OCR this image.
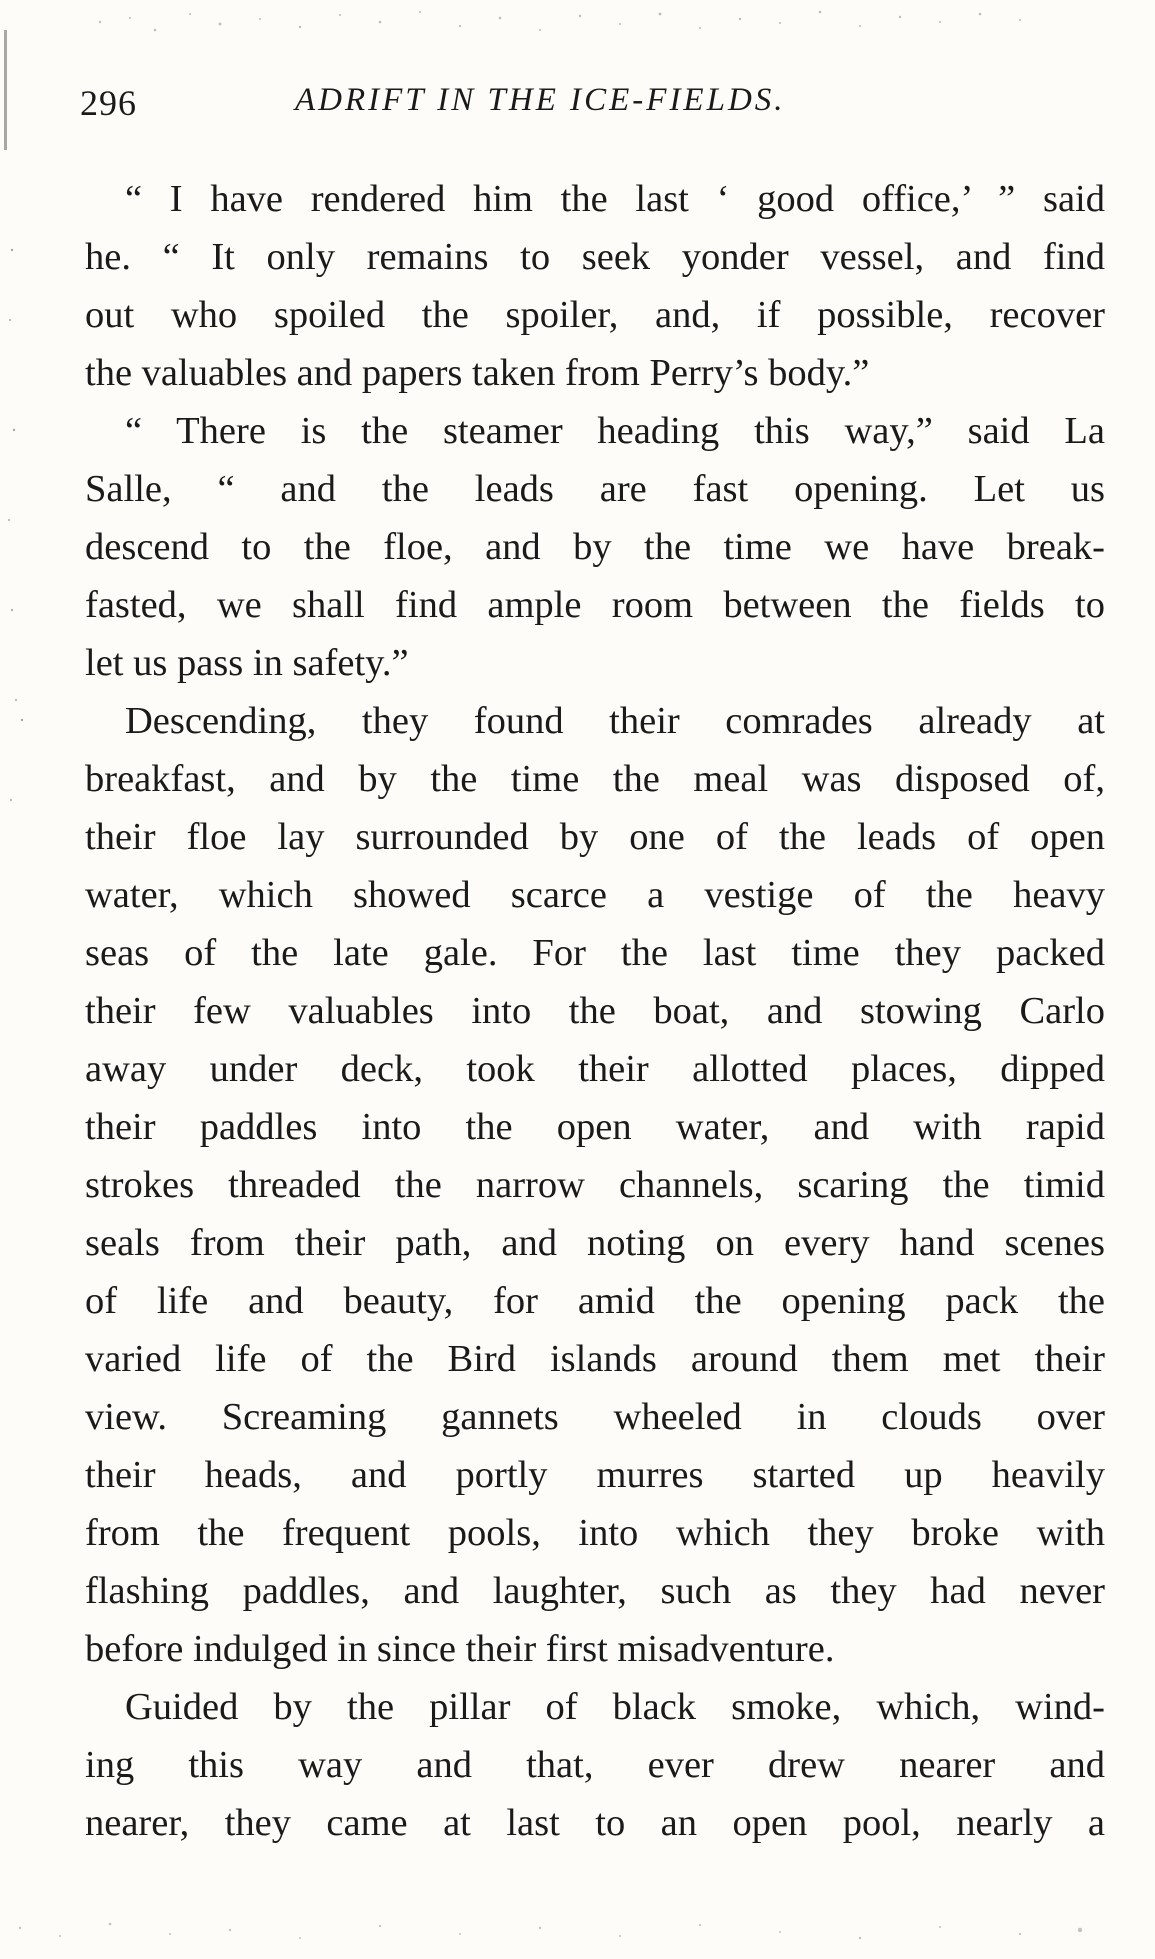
296	ADRIFT IN THE ICE-FIELDS.
“ I have rendered him the last ‘ good office,’ ” said
he. “ It only remains to seek yonder vessel, and find
out who spoiled the spoiler, and, if possible, recover
the valuables and papers taken from Perry’s body.”
“ There is the steamer heading this way,” said La
Salle, “ and the leads are fast opening. Let us
descend to the floe, and by the time we have break-
fasted, we shall find ample room between the fields to
let us pass in safety.”
Descending, they found their comrades already at
breakfast, and by the time the meal was disposed of,
their floe lay surrounded by one of the leads of open
water, which showed scarce a vestige of the heavy
seas of the late gale. For the last time they packed
their few valuables into the boat, and stowing Carlo
away under deck, took their allotted places, dipped
their paddles into the open water, and with rapid
strokes threaded the narrow channels, scaring the timid
seals from their path, and noting on every hand scenes
of life and beauty, for amid the opening pack the
varied life of the Bird islands around them met their
view. Screaming gannets wheeled in clouds over
their heads, and portly murres started up heavily
from the frequent pools, into which they broke with
flashing paddles, and laughter, such as they had never
before indulged in since their first misadventure.
Guided by the pillar of black smoke, which, wind-
ing this way and that, ever drew nearer and
nearer, they came at last to an open pool, nearly a
